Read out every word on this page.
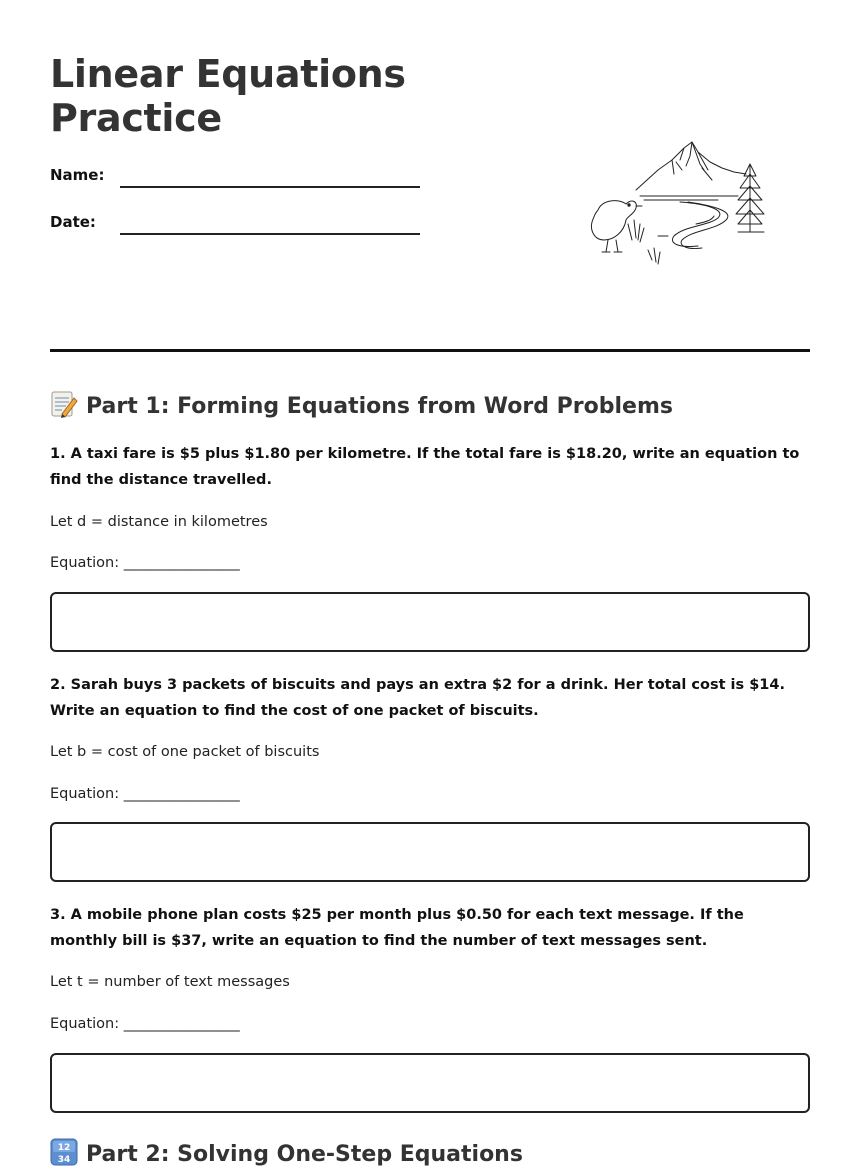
Linear Equations
Practice
Name:
Date:
Part 1: Forming Equations from Word Problems

1. A taxi fare is $5 plus $1.80 per kilometre. If the total fare is $18.20, write an equation to find the distance travelled.

Let d = distance in kilometres

Equation: ________________

2. Sarah buys 3 packets of biscuits and pays an extra $2 for a drink. Her total cost is $14. Write an equation to find the cost of one packet of biscuits.

Let b = cost of one packet of biscuits

Equation: ________________

3. A mobile phone plan costs $25 per month plus $0.50 for each text message. If the monthly bill is $37, write an equation to find the number of text messages sent.

Let t = number of text messages

Equation: ________________

12
34 Part 2: Solving One-Step Equations
